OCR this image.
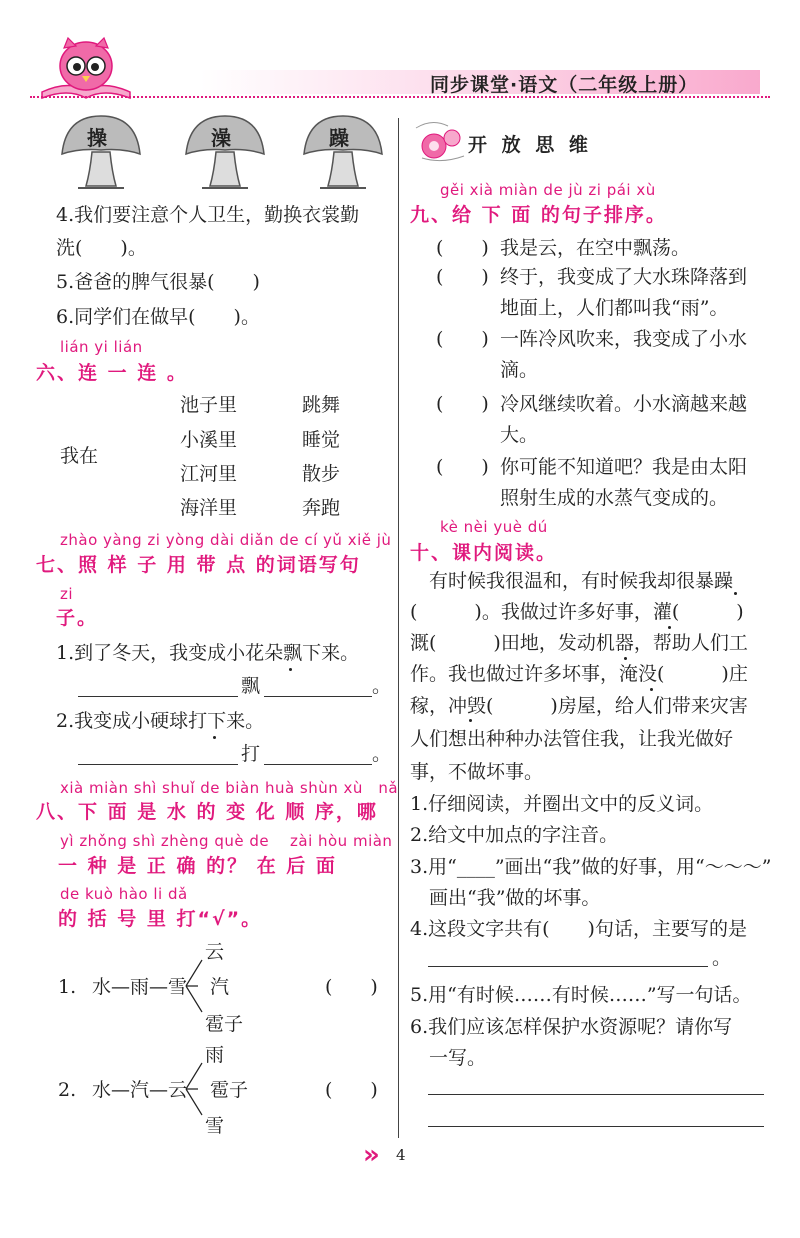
同步课堂·语文（二年级上册）
操	澡	躁
4.我们要注意个人卫生，勤换衣裳勤
洗(　　)。
5.爸爸的脾气很暴(　　)
6.同学们在做早(　　)。
lián yi lián
六、连 一 连 。
我在
池子里
小溪里
江河里
海洋里
跳舞
睡觉
散步
奔跑
zhào yàng zi yòng dài diǎn de cí yǔ xiě jù
七、照 样 子 用 带 点 的词语写句
zi
子。
1.到了冬天，我变成小花朵飘下来。
飘	。
2.我变成小硬球打下来。
打	。
xià miàn shì shuǐ de biàn huà shùn xù　nǎ
八、下 面 是 水 的 变 化 顺 序，哪
yì zhǒng shì zhèng què de zài hòu miàn
一 种 是 正 确 的？ 在 后 面
de kuò hào li dǎ
的 括 号 里 打“√”。
1. 水—雨—雪
云
汽
雹子
(　　)
2. 水—汽—云
雨
雹子
雪
(　　)
开 放 思 维
gěi xià miàn de jù zi pái xù
九、给 下 面 的句子排序。
(　　) 我是云，在空中飘荡。
(　　) 终于，我变成了大水珠降落到
地面上，人们都叫我“雨”。
(　　) 一阵冷风吹来，我变成了小水
滴。
(　　) 冷风继续吹着。小水滴越来越
大。
(　　) 你可能不知道吧？我是由太阳
照射生成的水蒸气变成的。
kè nèi yuè dú
十、课内阅读。
　有时候我很温和，有时候我却很暴躁
(　　　)。我做过许多好事，灌(　　　)
溉(　　　)田地，发动机器，帮助人们工
作。我也做过许多坏事，淹没(　　　)庄
稼，冲毁(　　　)房屋，给人们带来灾害
人们想出种种办法管住我，让我光做好
事，不做坏事。
1.仔细阅读，并圈出文中的反义词。
2.给文中加点的字注音。
3.用“____”画出“我”做的好事，用“～～～”
　画出“我”做的坏事。
4.这段文字共有(　　)句话，主要写的是
。
5.用“有时候……有时候……”写一句话。
6.我们应该怎样保护水资源呢？请你写
　一写。
» 4
